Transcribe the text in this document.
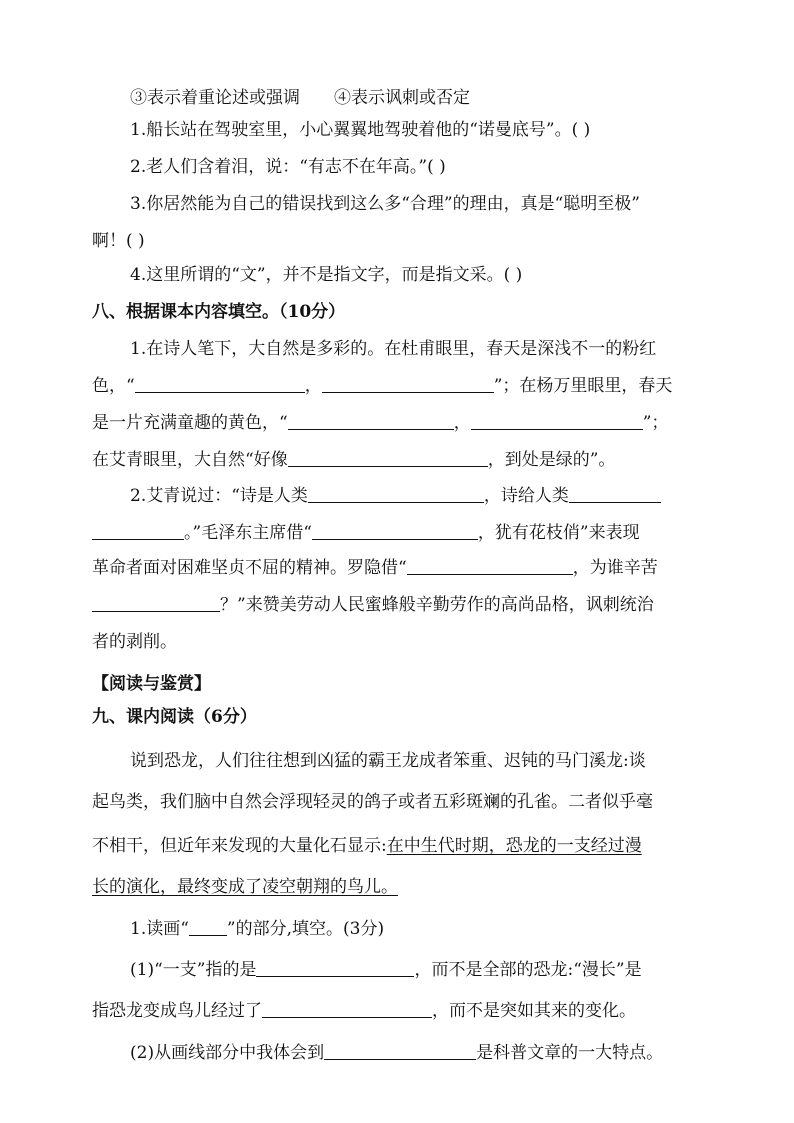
③表示着重论述或强调 ④表示讽刺或否定
1.船长站在驾驶室里，小心翼翼地驾驶着他的“诺曼底号”。( )
2.老人们含着泪，说：“有志不在年高。”( )
3.你居然能为自己的错误找到这么多“合理”的理由，真是“聪明至极”
啊！( )
4.这里所谓的“文”，并不是指文字，而是指文采。( )
八、根据课本内容填空。（10分）
1.在诗人笔下，大自然是多彩的。在杜甫眼里，春天是深浅不一的粉红
色，“	，	”；在杨万里眼里，春天
是一片充满童趣的黄色，“	，	”；
在艾青眼里，大自然“好像	，到处是绿的”。
2.艾青说过：“诗是人类	，诗给人类
。”毛泽东主席借“	，犹有花枝俏”来表现
革命者面对困难坚贞不屈的精神。罗隐借“	，为谁辛苦
？”来赞美劳动人民蜜蜂般辛勤劳作的高尚品格，讽刺统治
者的剥削。
【阅读与鉴赏】
九、课内阅读（6分）
说到恐龙，人们往往想到凶猛的霸王龙成者笨重、迟钝的马门溪龙:谈
起鸟类，我们脑中自然会浮现轻灵的鸽子或者五彩斑斓的孔雀。二者似乎毫
不相干，但近年来发现的大量化石显示:在中生代时期，恐龙的一支经过漫
长的演化，最终变成了凌空朝翔的鸟儿。
1.读画“ ”的部分,填空。(3分)
(1)“一支”指的是	，而不是全部的恐龙:“漫长”是
指恐龙变成鸟儿经过了	，而不是突如其来的变化。
(2)从画线部分中我体会到	是科普文章的一大特点。
